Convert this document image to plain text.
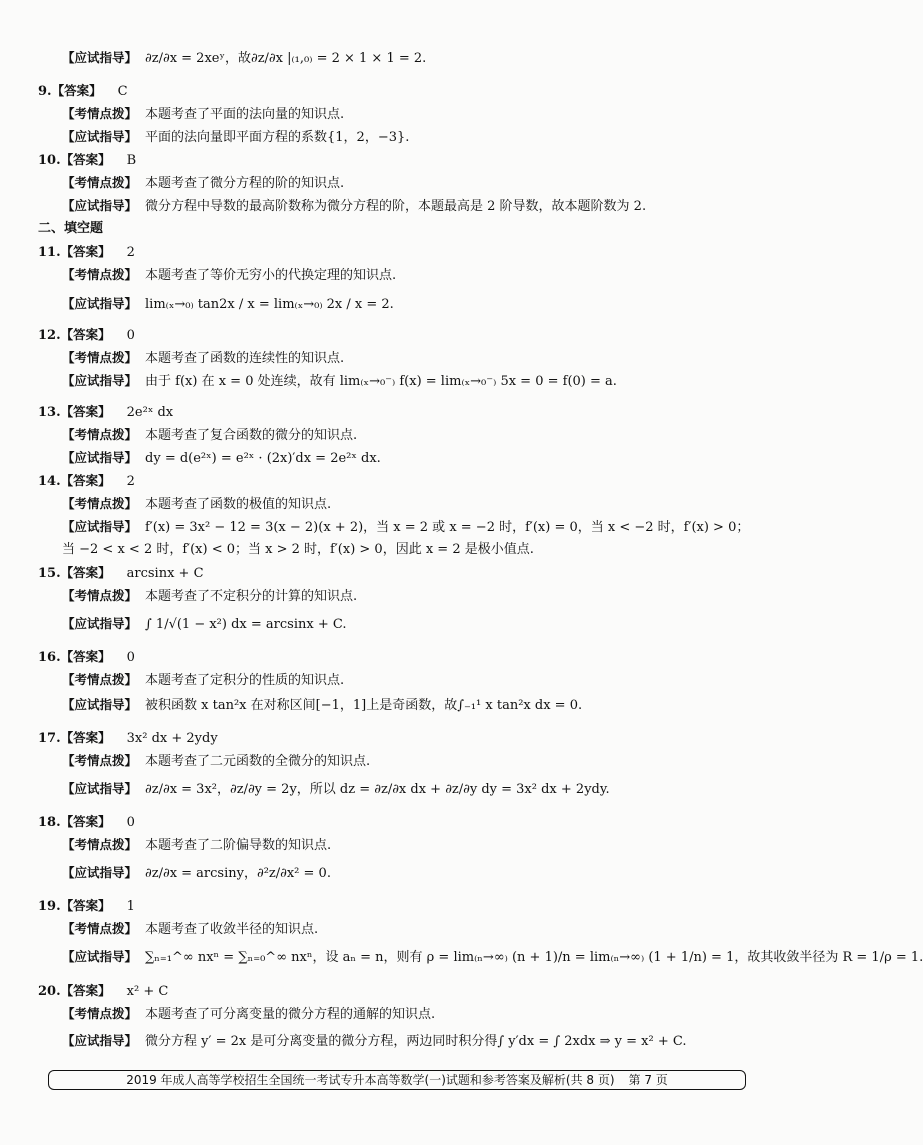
【应试指导】 ∂z/∂x = 2xeʸ，故∂z/∂x |₍₁,₀₎ = 2 × 1 × 1 = 2.
9.【答案】 C
【考情点拨】 本题考查了平面的法向量的知识点.
【应试指导】 平面的法向量即平面方程的系数{1，2，−3}.
10.【答案】 B
【考情点拨】 本题考查了微分方程的阶的知识点.
【应试指导】 微分方程中导数的最高阶数称为微分方程的阶，本题最高是 2 阶导数，故本题阶数为 2.
二、填空题
11.【答案】 2
【考情点拨】 本题考查了等价无穷小的代换定理的知识点.
【应试指导】 lim₍ₓ→₀₎ tan2x / x = lim₍ₓ→₀₎ 2x / x = 2.
12.【答案】 0
【考情点拨】 本题考查了函数的连续性的知识点.
【应试指导】 由于 f(x) 在 x = 0 处连续，故有 lim₍ₓ→₀⁻₎ f(x) = lim₍ₓ→₀⁻₎ 5x = 0 = f(0) = a.
13.【答案】 2e²ˣ dx
【考情点拨】 本题考查了复合函数的微分的知识点.
【应试指导】 dy = d(e²ˣ) = e²ˣ · (2x)′dx = 2e²ˣ dx.
14.【答案】 2
【考情点拨】 本题考查了函数的极值的知识点.
【应试指导】 f′(x) = 3x² − 12 = 3(x − 2)(x + 2)，当 x = 2 或 x = −2 时，f′(x) = 0，当 x < −2 时，f′(x) > 0；
当 −2 < x < 2 时，f′(x) < 0；当 x > 2 时，f′(x) > 0，因此 x = 2 是极小值点.
15.【答案】 arcsinx + C
【考情点拨】 本题考查了不定积分的计算的知识点.
【应试指导】 ∫ 1/√(1 − x²) dx = arcsinx + C.
16.【答案】 0
【考情点拨】 本题考查了定积分的性质的知识点.
【应试指导】 被积函数 x tan²x 在对称区间[−1，1]上是奇函数，故∫₋₁¹ x tan²x dx = 0.
17.【答案】 3x² dx + 2ydy
【考情点拨】 本题考查了二元函数的全微分的知识点.
【应试指导】 ∂z/∂x = 3x²，∂z/∂y = 2y，所以 dz = ∂z/∂x dx + ∂z/∂y dy = 3x² dx + 2ydy.
18.【答案】 0
【考情点拨】 本题考查了二阶偏导数的知识点.
【应试指导】 ∂z/∂x = arcsiny，∂²z/∂x² = 0.
19.【答案】 1
【考情点拨】 本题考查了收敛半径的知识点.
【应试指导】 ∑ₙ₌₁^∞ nxⁿ = ∑ₙ₌₀^∞ nxⁿ，设 aₙ = n，则有 ρ = lim₍ₙ→∞₎ (n + 1)/n = lim₍ₙ→∞₎ (1 + 1/n) = 1，故其收敛半径为 R = 1/ρ = 1.
20.【答案】 x² + C
【考情点拨】 本题考查了可分离变量的微分方程的通解的知识点.
【应试指导】 微分方程 y′ = 2x 是可分离变量的微分方程，两边同时积分得∫ y′dx = ∫ 2xdx ⇒ y = x² + C.
2019 年成人高等学校招生全国统一考试专升本高等数学(一)试题和参考答案及解析(共 8 页) 第 7 页
